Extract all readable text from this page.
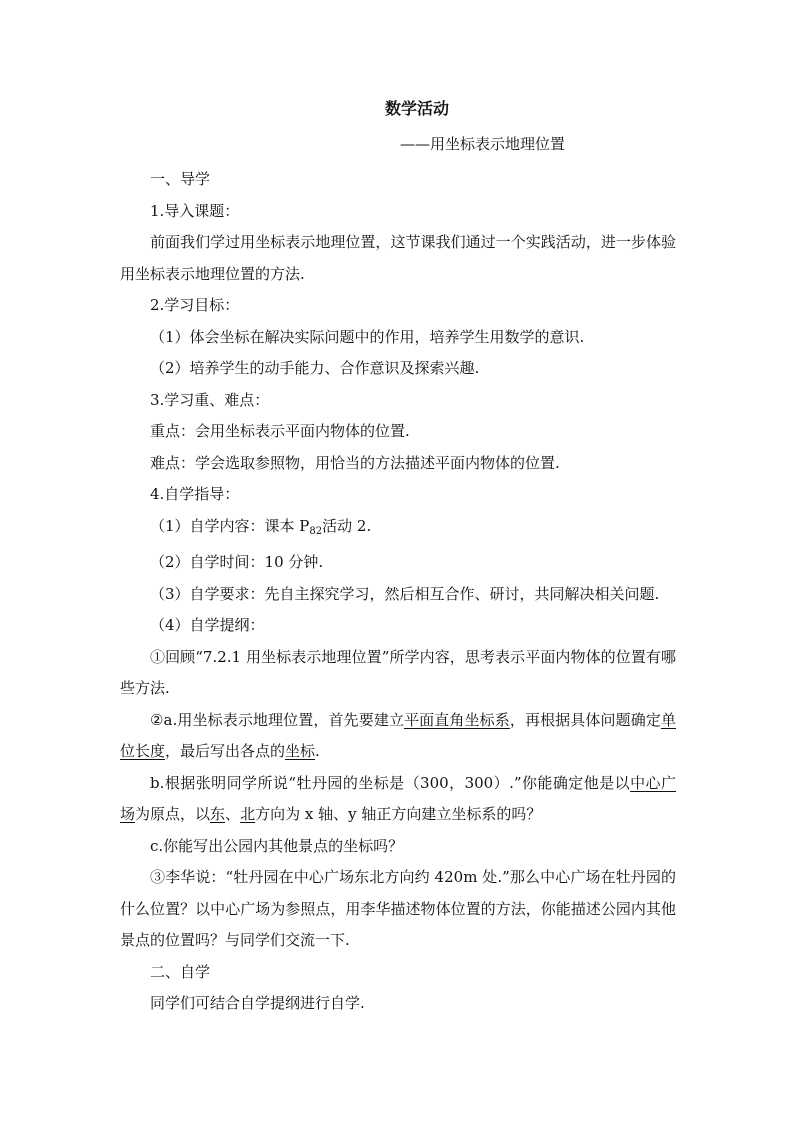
数学活动

——用坐标表示地理位置

一、导学

1.导入课题：

前面我们学过用坐标表示地理位置，这节课我们通过一个实践活动，进一步体验用坐标表示地理位置的方法.

2.学习目标：

（1）体会坐标在解决实际问题中的作用，培养学生用数学的意识.

（2）培养学生的动手能力、合作意识及探索兴趣.

3.学习重、难点：

重点：会用坐标表示平面内物体的位置.

难点：学会选取参照物，用恰当的方法描述平面内物体的位置.

4.自学指导：

（1）自学内容：课本 $P_{82}$活动 2.

（2）自学时间：10 分钟.

（3）自学要求：先自主探究学习，然后相互合作、研讨，共同解决相关问题.

（4）自学提纲：

①回顾“7.2.1 用坐标表示地理位置”所学内容，思考表示平面内物体的位置有哪些方法.

②a.用坐标表示地理位置，首先要建立平面直角坐标系，再根据具体问题确定单位长度，最后写出各点的坐标.

b.根据张明同学所说“牡丹园的坐标是（300，300）.”你能确定他是以中心广场为原点，以东、北方向为 x 轴、y 轴正方向建立坐标系的吗？

c.你能写出公园内其他景点的坐标吗？

③李华说：“牡丹园在中心广场东北方向约 420m 处.”那么中心广场在牡丹园的什么位置？以中心广场为参照点，用李华描述物体位置的方法，你能描述公园内其他景点的位置吗？与同学们交流一下.

二、自学

同学们可结合自学提纲进行自学.
